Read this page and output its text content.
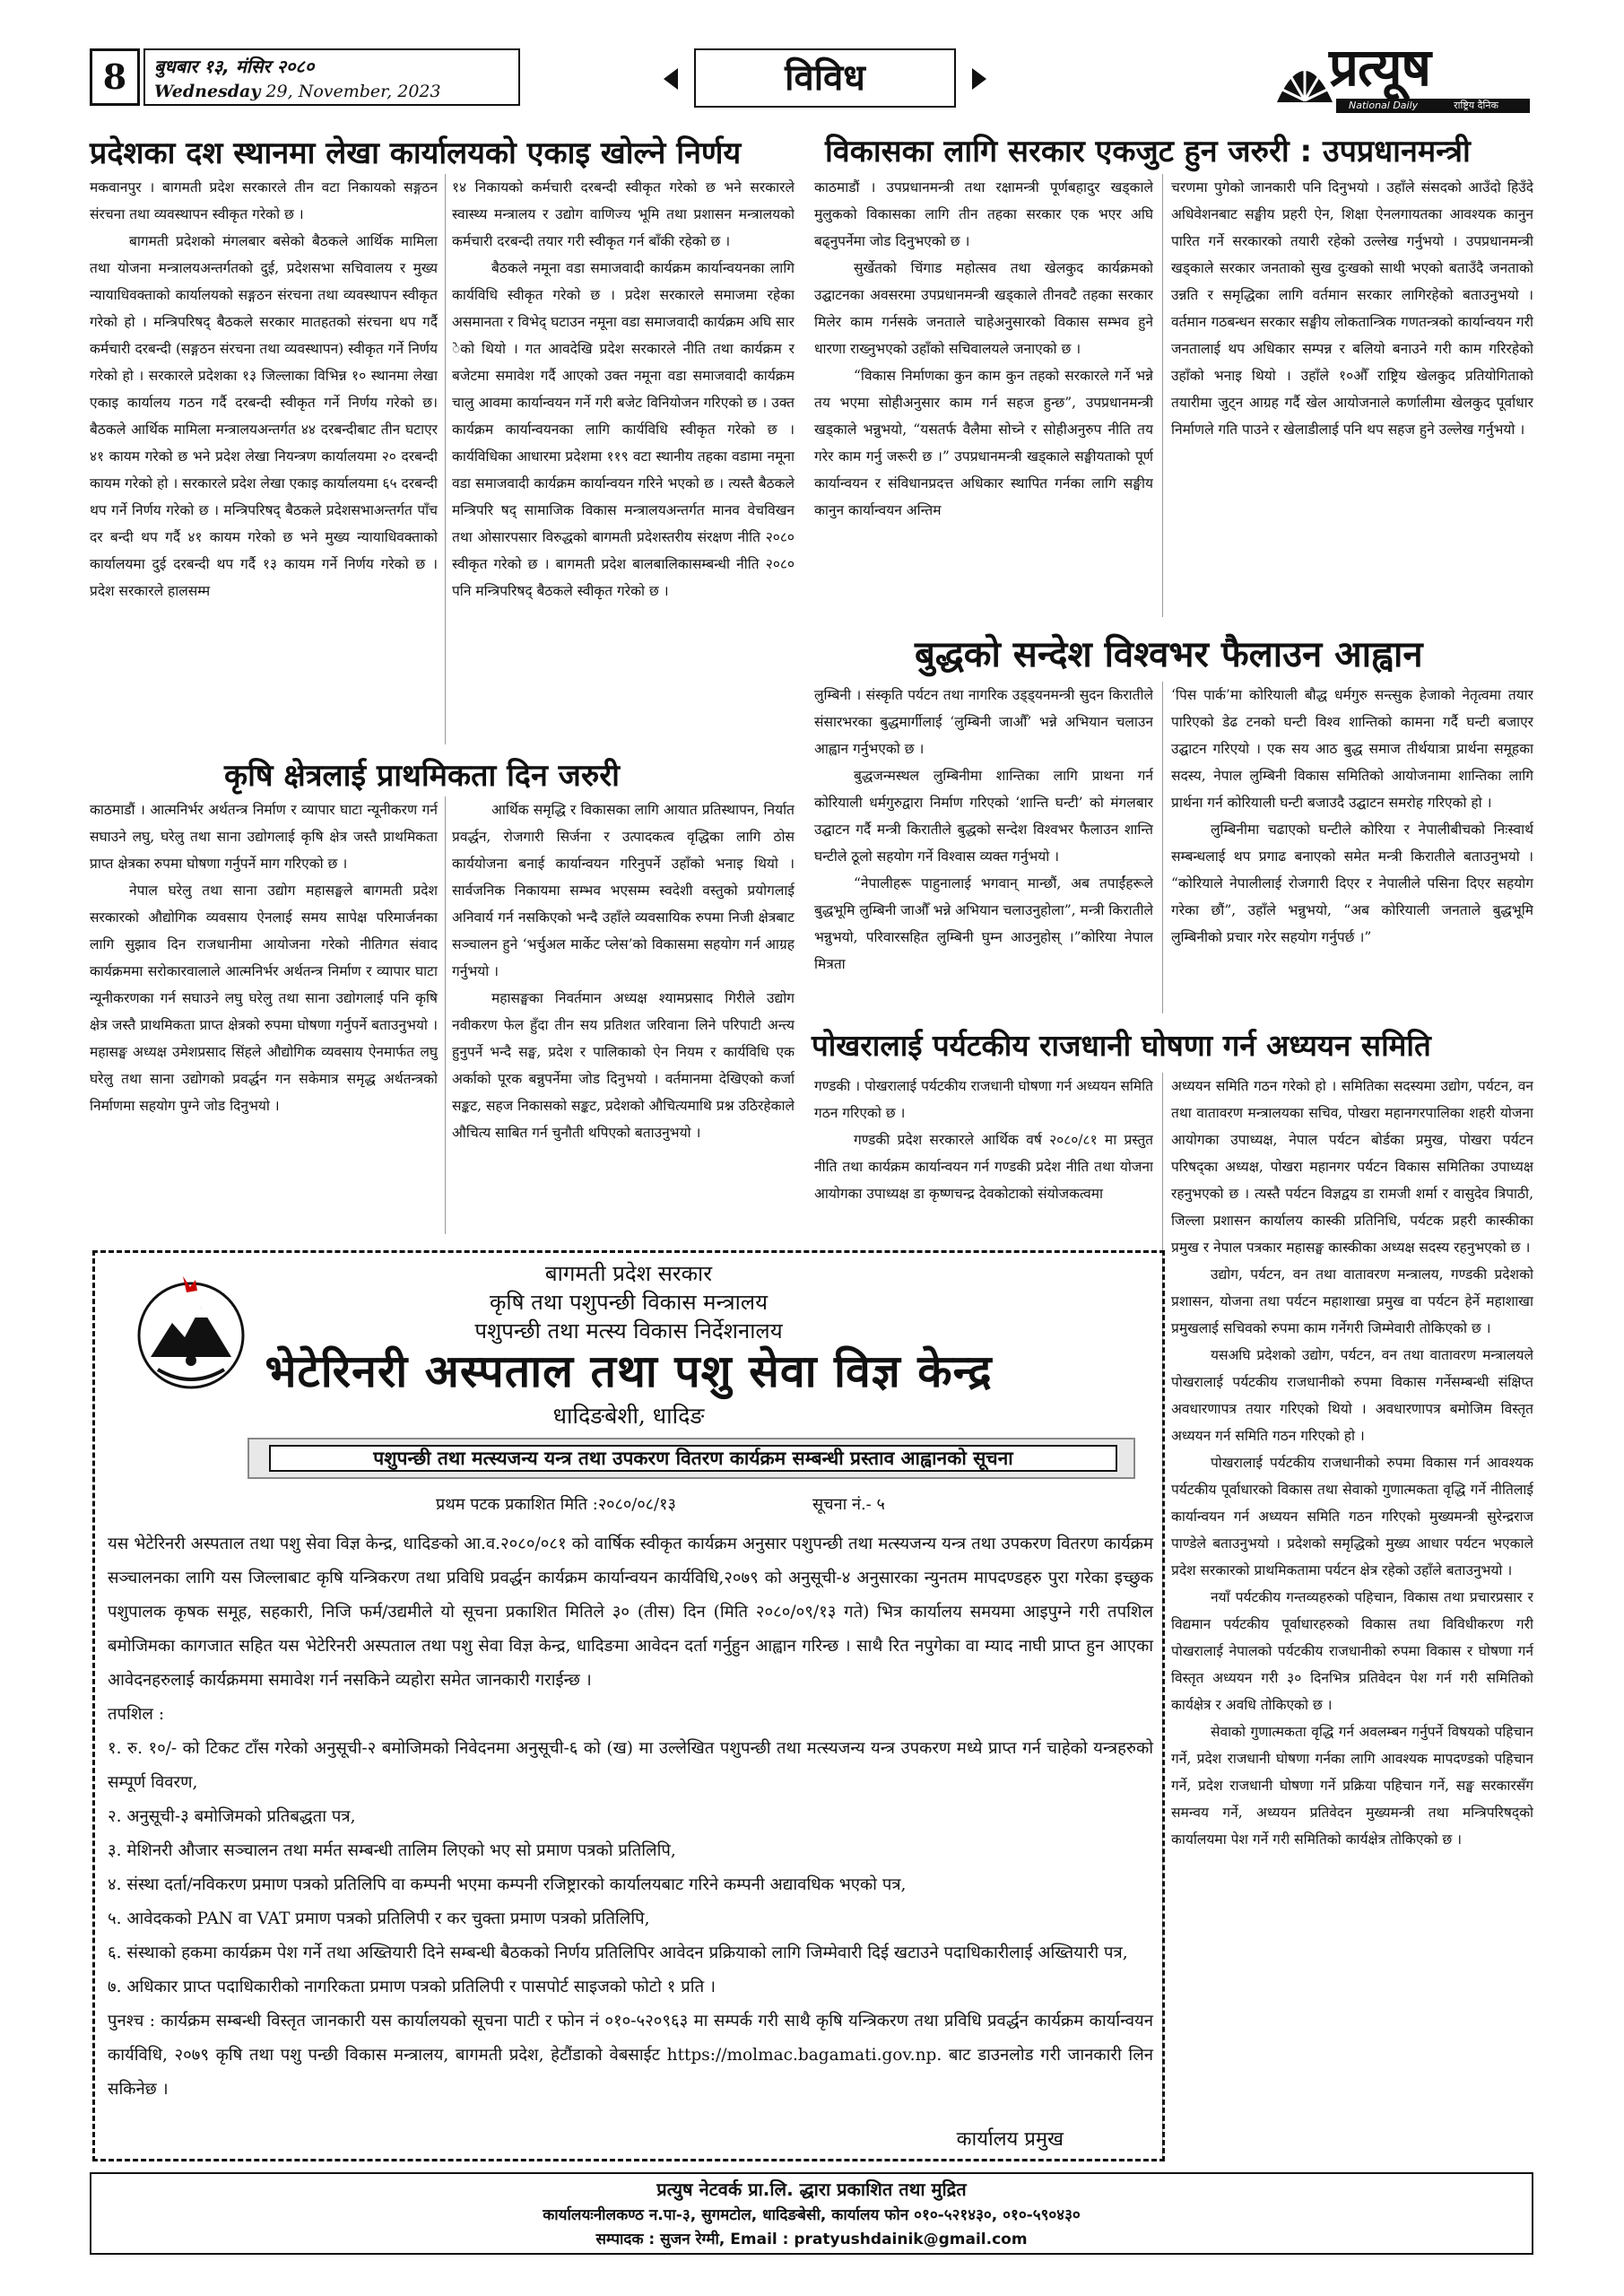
8	बुधबार १३, मंसिर २०८०
Wednesday 29, November, 2023	विविध	प्रत्यूष
National Daily	राष्ट्रिय दैनिक
प्रदेशका दश स्थानमा लेखा कार्यालयको एकाइ खोल्ने निर्णय

मकवानपुर । बागमती प्रदेश सरकारले तीन वटा निकायको सङ्गठन संरचना तथा व्यवस्थापन स्वीकृत गरेको छ ।

बागमती प्रदेशको मंगलबार बसेको बैठकले आर्थिक मामिला तथा योजना मन्त्रालयअन्तर्गतको दुई, प्रदेशसभा सचिवालय र मुख्य न्यायाधिवक्ताको कार्यालयको सङ्गठन संरचना तथा व्यवस्थापन स्वीकृत गरेको हो । मन्त्रिपरिषद् बैठकले सरकार मातहतको संरचना थप गर्दै कर्मचारी दरबन्दी (सङ्गठन संरचना तथा व्यवस्थापन) स्वीकृत गर्ने निर्णय गरेको हो । सरकारले प्रदेशका १३ जिल्लाका विभिन्न १० स्थानमा लेखा एकाइ कार्यालय गठन गर्दै दरबन्दी स्वीकृत गर्ने निर्णय गरेको छ। बैठकले आर्थिक मामिला मन्त्रालयअन्तर्गत ४४ दरबन्दीबाट तीन घटाएर ४१ कायम गरेको छ भने प्रदेश लेखा नियन्त्रण कार्यालयमा २० दरबन्दी कायम गरेको हो । सरकारले प्रदेश लेखा एकाइ कार्यालयमा ६५ दरबन्दी थप गर्ने निर्णय गरेको छ । मन्त्रिपरिषद् बैठकले प्रदेशसभाअन्तर्गत पाँच दर बन्दी थप गर्दै ४१ कायम गरेको छ भने मुख्य न्यायाधिवक्ताको कार्यालयमा दुई दरबन्दी थप गर्दै १३ कायम गर्ने निर्णय गरेको छ । प्रदेश सरकारले हालसम्म

१४ निकायको कर्मचारी दरबन्दी स्वीकृत गरेको छ भने सरकारले स्वास्थ्य मन्त्रालय र उद्योग वाणिज्य भूमि तथा प्रशासन मन्त्रालयको कर्मचारी दरबन्दी तयार गरी स्वीकृत गर्न बाँकी रहेको छ ।

बैठकले नमूना वडा समाजवादी कार्यक्रम कार्यान्वयनका लागि कार्यविधि स्वीकृत गरेको छ । प्रदेश सरकारले समाजमा रहेका असमानता र विभेद् घटाउन नमूना वडा समाजवादी कार्यक्रम अघि सार ेको थियो । गत आवदेखि प्रदेश सरकारले नीति तथा कार्यक्रम र बजेटमा समावेश गर्दै आएको उक्त नमूना वडा समाजवादी कार्यक्रम चालु आवमा कार्यान्वयन गर्ने गरी बजेट विनियोजन गरिएको छ । उक्त कार्यक्रम कार्यान्वयनका लागि कार्यविधि स्वीकृत गरेको छ । कार्यविधिका आधारमा प्रदेशमा ११९ वटा स्थानीय तहका वडामा नमूना वडा समाजवादी कार्यक्रम कार्यान्वयन गरिने भएको छ । त्यस्तै बैठकले मन्त्रिपरि षद् सामाजिक विकास मन्त्रालयअन्तर्गत मानव वेचविखन तथा ओसारपसार विरुद्धको बागमती प्रदेशस्तरीय संरक्षण नीति २०८० स्वीकृत गरेको छ । बागमती प्रदेश बालबालिकासम्बन्धी नीति २०८० पनि मन्त्रिपरिषद् बैठकले स्वीकृत गरेको छ ।

विकासका लागि सरकार एकजुट हुन जरुरी : उपप्रधानमन्त्री

काठमाडौं । उपप्रधानमन्त्री तथा रक्षामन्त्री पूर्णबहादुर खड्काले मुलुकको विकासका लागि तीन तहका सरकार एक भएर अघि बढ्नुपर्नेमा जोड दिनुभएको छ ।

सुर्खेतको चिंगाड महोत्सव तथा खेलकुद कार्यक्रमको उद्घाटनका अवसरमा उपप्रधानमन्त्री खड्काले तीनवटै तहका सरकार मिलेर काम गर्नसके जनताले चाहेअनुसारको विकास सम्भव हुने धारणा राख्नुभएको उहाँको सचिवालयले जनाएको छ ।

“विकास निर्माणका कुन काम कुन तहको सरकारले गर्ने भन्ने तय भएमा सोहीअनुसार काम गर्न सहज हुन्छ”, उपप्रधानमन्त्री खड्काले भन्नुभयो, “यसतर्फ वैलैमा सोच्ने र सोहीअनुरुप नीति तय गरेर काम गर्नु जरूरी छ ।” उपप्रधानमन्त्री खड्काले सङ्घीयताको पूर्ण कार्यान्वयन र संविधानप्रदत्त अधिकार स्थापित गर्नका लागि सङ्घीय कानुन कार्यान्वयन अन्तिम

चरणमा पुगेको जानकारी पनि दिनुभयो । उहाँले संसदको आउँदो हिउँदे अधिवेशनबाट सङ्घीय प्रहरी ऐन, शिक्षा ऐनलगायतका आवश्यक कानुन पारित गर्ने सरकारको तयारी रहेको उल्लेख गर्नुभयो । उपप्रधानमन्त्री खड्काले सरकार जनताको सुख दुःखको साथी भएको बताउँदै जनताको उन्नति र समृद्धिका लागि वर्तमान सरकार लागिरहेको बताउनुभयो । वर्तमान गठबन्धन सरकार सङ्घीय लोकतान्त्रिक गणतन्त्रको कार्यान्वयन गरी जनतालाई थप अधिकार सम्पन्न र बलियो बनाउने गरी काम गरिरहेको उहाँको भनाइ थियो । उहाँले १०औँ राष्ट्रिय खेलकुद प्रतियोगिताको तयारीमा जुट्न आग्रह गर्दै खेल आयोजनाले कर्णालीमा खेलकुद पूर्वाधार निर्माणले गति पाउने र खेलाडीलाई पनि थप सहज हुने उल्लेख गर्नुभयो ।

कृषि क्षेत्रलाई प्राथमिकता दिन जरुरी

काठमाडौं । आत्मनिर्भर अर्थतन्त्र निर्माण र व्यापार घाटा न्यूनीकरण गर्न सघाउने लघु, घरेलु तथा साना उद्योगलाई कृषि क्षेत्र जस्तै प्राथमिकता प्राप्त क्षेत्रका रुपमा घोषणा गर्नुपर्ने माग गरिएको छ ।

नेपाल घरेलु तथा साना उद्योग महासङ्घले बागमती प्रदेश सरकारको औद्योगिक व्यवसाय ऐनलाई समय सापेक्ष परिमार्जनका लागि सुझाव दिन राजधानीमा आयोजना गरेको नीतिगत संवाद कार्यक्रममा सरोकारवालाले आत्मनिर्भर अर्थतन्त्र निर्माण र व्यापार घाटा न्यूनीकरणका गर्न सघाउने लघु घरेलु तथा साना उद्योगलाई पनि कृषि क्षेत्र जस्तै प्राथमिकता प्राप्त क्षेत्रको रुपमा घोषणा गर्नुपर्ने बताउनुभयो । महासङ्घ अध्यक्ष उमेशप्रसाद सिंहले औद्योगिक व्यवसाय ऐनमार्फत लघु घरेलु तथा साना उद्योगको प्रवर्द्धन गन सकेमात्र समृद्ध अर्थतन्त्रको निर्माणमा सहयोग पुग्ने जोड दिनुभयो ।

आर्थिक समृद्धि र विकासका लागि आयात प्रतिस्थापन, निर्यात प्रवर्द्धन, रोजगारी सिर्जना र उत्पादकत्व वृद्धिका लागि ठोस कार्ययोजना बनाई कार्यान्वयन गरिनुपर्ने उहाँको भनाइ थियो । सार्वजनिक निकायमा सम्भव भएसम्म स्वदेशी वस्तुको प्रयोगलाई अनिवार्य गर्न नसकिएको भन्दै उहाँले व्यवसायिक रुपमा निजी क्षेत्रबाट सञ्चालन हुने ‘भर्चुअल मार्केट प्लेस’को विकासमा सहयोग गर्न आग्रह गर्नुभयो ।

महासङ्घका निवर्तमान अध्यक्ष श्यामप्रसाद गिरीले उद्योग नवीकरण फेल हुँदा तीन सय प्रतिशत जरिवाना लिने परिपाटी अन्त्य हुनुपर्ने भन्दै सङ्घ, प्रदेश र पालिकाको ऐन नियम र कार्यविधि एक अर्काको पूरक बन्नुपर्नेमा जोड दिनुभयो । वर्तमानमा देखिएको कर्जा सङ्कट, सहज निकासको सङ्कट, प्रदेशको औचित्यमाथि प्रश्न उठिरहेकाले औचित्य साबित गर्न चुनौती थपिएको बताउनुभयो ।

बुद्धको सन्देश विश्वभर फैलाउन आह्वान

लुम्बिनी । संस्कृति पर्यटन तथा नागरिक उड्ड्यनमन्त्री सुदन किरातीले संसारभरका बुद्धमार्गीलाई ‘लुम्बिनी जाऔँ’ भन्ने अभियान चलाउन आह्वान गर्नुभएको छ ।

बुद्धजन्मस्थल लुम्बिनीमा शान्तिका लागि प्राथना गर्न कोरियाली धर्मगुरुद्वारा निर्माण गरिएको ‘शान्ति घन्टी’ को मंगलबार उद्घाटन गर्दै मन्त्री किरातीले बुद्धको सन्देश विश्वभर फैलाउन शान्ति घन्टीले ठूलो सहयोग गर्ने विश्वास व्यक्त गर्नुभयो ।

“नेपालीहरू पाहुनालाई भगवान् मान्छौं, अब तपाईंहरूले बुद्धभूमि लुम्बिनी जाऔँ भन्ने अभियान चलाउनुहोला”, मन्त्री किरातीले भन्नुभयो, परिवारसहित लुम्बिनी घुम्न आउनुहोस् ।”कोरिया नेपाल मित्रता

‘पिस पार्क’मा कोरियाली बौद्ध धर्मगुरु सन्त्सुक हेजाको नेतृत्वमा तयार पारिएको डेढ टनको घन्टी विश्व शान्तिको कामना गर्दै घन्टी बजाएर उद्घाटन गरिएयो । एक सय आठ बुद्ध समाज तीर्थयात्रा प्रार्थना समूहका सदस्य, नेपाल लुम्बिनी विकास समितिको आयोजनामा शान्तिका लागि प्रार्थना गर्न कोरियाली घन्टी बजाउदै उद्घाटन समरोह गरिएको हो ।

लुम्बिनीमा चढाएको घन्टीले कोरिया र नेपालीबीचको निःस्वार्थ सम्बन्धलाई थप प्रगाढ बनाएको समेत मन्त्री किरातीले बताउनुभयो । “कोरियाले नेपालीलाई रोजगारी दिएर र नेपालीले पसिना दिएर सहयोग गरेका छौं”, उहाँले भन्नुभयो, “अब कोरियाली जनताले बुद्धभूमि लुम्बिनीको प्रचार गरेर सहयोग गर्नुपर्छ ।”

पोखरालाई पर्यटकीय राजधानी घोषणा गर्न अध्ययन समिति

गण्डकी । पोखरालाई पर्यटकीय राजधानी घोषणा गर्न अध्ययन समिति गठन गरिएको छ ।

गण्डकी प्रदेश सरकारले आर्थिक वर्ष २०८०/८१ मा प्रस्तुत नीति तथा कार्यक्रम कार्यान्वयन गर्न गण्डकी प्रदेश नीति तथा योजना आयोगका उपाध्यक्ष डा कृष्णचन्द्र देवकोटाको संयोजकत्वमा

अध्ययन समिति गठन गरेको हो । समितिका सदस्यमा उद्योग, पर्यटन, वन तथा वातावरण मन्त्रालयका सचिव, पोखरा महानगरपालिका शहरी योजना आयोगका उपाध्यक्ष, नेपाल पर्यटन बोर्डका प्रमुख, पोखरा पर्यटन परिषद्का अध्यक्ष, पोखरा महानगर पर्यटन विकास समितिका उपाध्यक्ष रहनुभएको छ । त्यस्तै पर्यटन विज्ञद्वय डा रामजी शर्मा र वासुदेव त्रिपाठी, जिल्ला प्रशासन कार्यालय कास्की प्रतिनिधि, पर्यटक प्रहरी कास्कीका प्रमुख र नेपाल पत्रकार महासङ्घ कास्कीका अध्यक्ष सदस्य रहनुभएको छ ।

उद्योग, पर्यटन, वन तथा वातावरण मन्त्रालय, गण्डकी प्रदेशको प्रशासन, योजना तथा पर्यटन महाशाखा प्रमुख वा पर्यटन हेर्ने महाशाखा प्रमुखलाई सचिवको रुपमा काम गर्नेगरी जिम्मेवारी तोकिएको छ ।

यसअघि प्रदेशको उद्योग, पर्यटन, वन तथा वातावरण मन्त्रालयले पोखरालाई पर्यटकीय राजधानीको रुपमा विकास गर्नेसम्बन्धी संक्षिप्त अवधारणापत्र तयार गरिएको थियो । अवधारणापत्र बमोजिम विस्तृत अध्ययन गर्न समिति गठन गरिएको हो ।

पोखरालाई पर्यटकीय राजधानीको रुपमा विकास गर्न आवश्यक पर्यटकीय पूर्वाधारको विकास तथा सेवाको गुणात्मकता वृद्धि गर्ने नीतिलाई कार्यान्वयन गर्न अध्ययन समिति गठन गरिएको मुख्यमन्त्री सुरेन्द्रराज पाण्डेले बताउनुभयो । प्रदेशको समृद्धिको मुख्य आधार पर्यटन भएकाले प्रदेश सरकारको प्राथमिकतामा पर्यटन क्षेत्र रहेको उहाँले बताउनुभयो ।

नयाँ पर्यटकीय गन्तव्यहरुको पहिचान, विकास तथा प्रचारप्रसार र विद्यमान पर्यटकीय पूर्वाधारहरुको विकास तथा विविधीकरण गरी पोखरालाई नेपालको पर्यटकीय राजधानीको रुपमा विकास र घोषणा गर्न विस्तृत अध्ययन गरी ३० दिनभित्र प्रतिवेदन पेश गर्न गरी समितिको कार्यक्षेत्र र अवधि तोकिएको छ ।

सेवाको गुणात्मकता वृद्धि गर्न अवलम्बन गर्नुपर्ने विषयको पहिचान गर्ने, प्रदेश राजधानी घोषणा गर्नका लागि आवश्यक मापदण्डको पहिचान गर्ने, प्रदेश राजधानी घोषणा गर्ने प्रक्रिया पहिचान गर्ने, सङ्घ सरकारसँग समन्वय गर्ने, अध्ययन प्रतिवेदन मुख्यमन्त्री तथा मन्त्रिपरिषद्को कार्यालयमा पेश गर्ने गरी समितिको कार्यक्षेत्र तोकिएको छ ।

बागमती प्रदेश सरकार
कृषि तथा पशुपन्छी विकास मन्त्रालय
पशुपन्छी तथा मत्स्य विकास निर्देशनालय
भेटेरिनरी अस्पताल तथा पशु सेवा विज्ञ केन्द्र
धादिङबेशी, धादिङ
पशुपन्छी तथा मत्स्यजन्य यन्त्र तथा उपकरण वितरण कार्यक्रम सम्बन्धी प्रस्ताव आह्वानको सूचना
प्रथम पटक प्रकाशित मिति :२०८०/०८/१३	सूचना नं.- ५

यस भेटेरिनरी अस्पताल तथा पशु सेवा विज्ञ केन्द्र, धादिङको आ.व.२०८०/०८१ को वार्षिक स्वीकृत कार्यक्रम अनुसार पशुपन्छी तथा मत्स्यजन्य यन्त्र तथा उपकरण वितरण कार्यक्रम सञ्चालनका लागि यस जिल्लाबाट कृषि यन्त्रिकरण तथा प्रविधि प्रवर्द्धन कार्यक्रम कार्यान्वयन कार्यविधि,२०७९ को अनुसूची-४ अनुसारका न्युनतम मापदण्डहरु पुरा गरेका इच्छुक पशुपालक कृषक समूह, सहकारी, निजि फर्म/उद्यमीले यो सूचना प्रकाशित मितिले ३० (तीस) दिन (मिति २०८०/०९/१३ गते) भित्र कार्यालय समयमा आइपुग्ने गरी तपशिल बमोजिमका कागजात सहित यस भेटेरिनरी अस्पताल तथा पशु सेवा विज्ञ केन्द्र, धादिङमा आवेदन दर्ता गर्नुहुन आह्वान गरिन्छ । साथै रित नपुगेका वा म्याद नाघी प्राप्त हुन आएका आवेदनहरुलाई कार्यक्रममा समावेश गर्न नसकिने व्यहोरा समेत जानकारी गराईन्छ ।

तपशिल :

१. रु. १०/- को टिकट टाँस गरेको अनुसूची-२ बमोजिमको निवेदनमा अनुसूची-६ को (ख) मा उल्लेखित पशुपन्छी तथा मत्स्यजन्य यन्त्र उपकरण मध्ये प्राप्त गर्न चाहेको यन्त्रहरुको सम्पूर्ण विवरण,

२. अनुसूची-३ बमोजिमको प्रतिबद्धता पत्र,

३. मेशिनरी औजार सञ्चालन तथा मर्मत सम्बन्धी तालिम लिएको भए सो प्रमाण पत्रको प्रतिलिपि,

४. संस्था दर्ता/नविकरण प्रमाण पत्रको प्रतिलिपि वा कम्पनी भएमा कम्पनी रजिष्ट्रारको कार्यालयबाट गरिने कम्पनी अद्यावधिक भएको पत्र,

५. आवेदकको PAN वा VAT प्रमाण पत्रको प्रतिलिपी र कर चुक्ता प्रमाण पत्रको प्रतिलिपि,

६. संस्थाको हकमा कार्यक्रम पेश गर्ने तथा अख्तियारी दिने सम्बन्धी बैठकको निर्णय प्रतिलिपिर आवेदन प्रक्रियाको लागि जिम्मेवारी दिई खटाउने पदाधिकारीलाई अख्तियारी पत्र,

७. अधिकार प्राप्त पदाधिकारीको नागरिकता प्रमाण पत्रको प्रतिलिपी र पासपोर्ट साइजको फोटो १ प्रति ।

पुनश्च : कार्यक्रम सम्बन्धी विस्तृत जानकारी यस कार्यालयको सूचना पाटी र फोन नं ०१०-५२०९६३ मा सम्पर्क गरी साथै कृषि यन्त्रिकरण तथा प्रविधि प्रवर्द्धन कार्यक्रम कार्यान्वयन कार्यविधि, २०७९ कृषि तथा पशु पन्छी विकास मन्त्रालय, बागमती प्रदेश, हेटौंडाको वेबसाईट https://molmac.bagamati.gov.np. बाट डाउनलोड गरी जानकारी लिन सकिनेछ ।

कार्यालय प्रमुख
प्रत्युष नेटवर्क प्रा.लि. द्धारा प्रकाशित तथा मुद्रित
कार्यालयःनीलकण्ठ न.पा-३, सुगमटोल, धादिङबेसी, कार्यालय फोन ०१०-५२१४३०, ०१०-५९०४३०
सम्पादक : सुजन रेग्मी, Email : pratyushdainik@gmail.com
